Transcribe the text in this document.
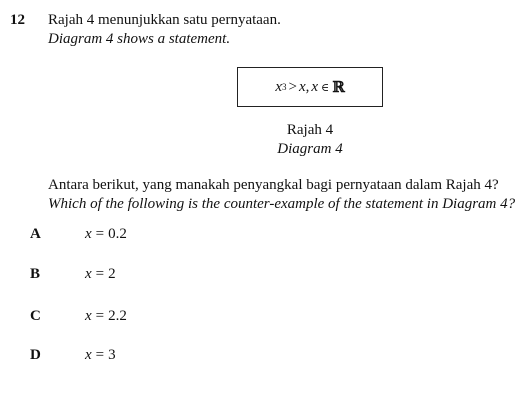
12 Rajah 4 menunjukkan satu pernyataan.
Diagram 4 shows a statement.
x 3 > x , x ∈ ℝ
Rajah 4
Diagram 4
Antara berikut, yang manakah penyangkal bagi pernyataan dalam Rajah 4?
Which of the following is the counter-example of the statement in Diagram 4?
A	x = 0.2
B	x = 2
C	x = 2.2
D	x = 3
